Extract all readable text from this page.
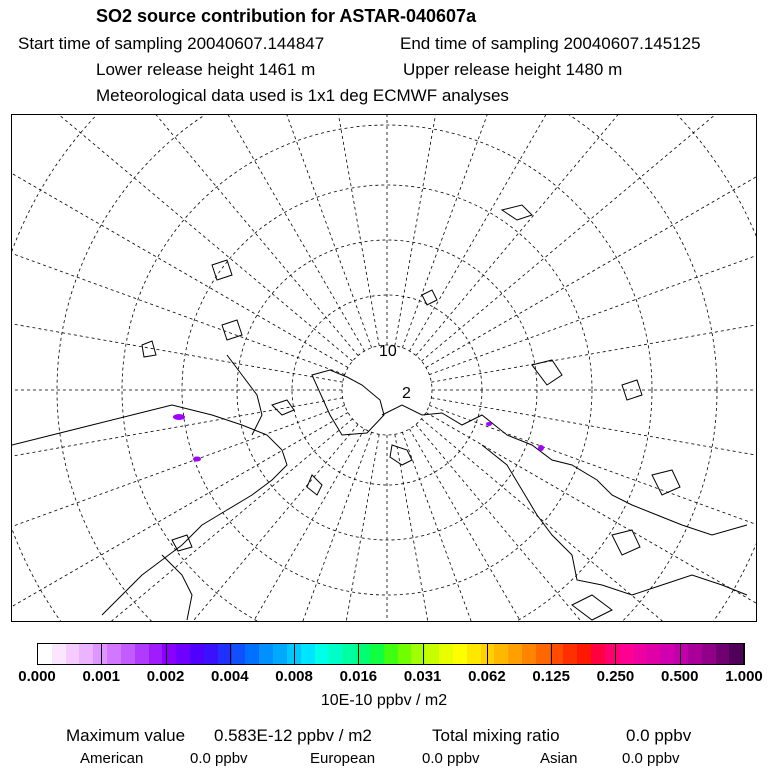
SO2 source contribution for ASTAR-040607a
Start time of sampling 20040607.144847	End time of sampling 20040607.145125
Lower release height 1461 m	Upper release height 1480 m
Meteorological data used is 1x1 deg ECMWF analyses
10
2
0.000 0.001 0.002 0.004 0.008 0.016 0.031 0.062 0.125 0.250 0.500 1.000
10E-10 ppbv / m2
Maximum value 0.583E-12 ppbv / m2	Total mixing ratio	0.0 ppbv
American	0.0 ppbv	European	0.0 ppbv	Asian	0.0 ppbv
